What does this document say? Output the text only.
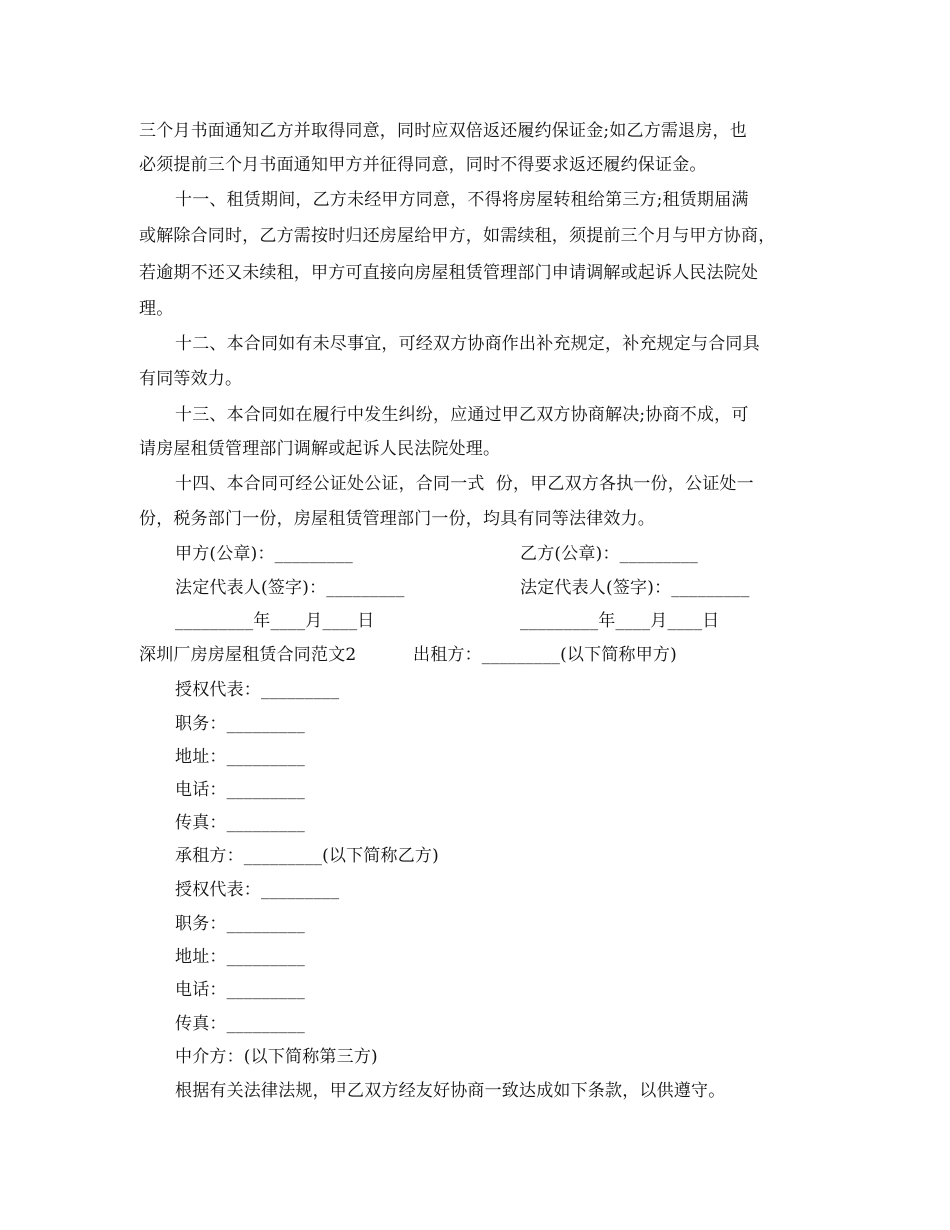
三个月书面通知乙方并取得同意，同时应双倍返还履约保证金;如乙方需退房，也
必须提前三个月书面通知甲方并征得同意，同时不得要求返还履约保证金。
十一、租赁期间，乙方未经甲方同意，不得将房屋转租给第三方;租赁期届满
或解除合同时，乙方需按时归还房屋给甲方，如需续租，须提前三个月与甲方协商，
若逾期不还又未续租，甲方可直接向房屋租赁管理部门申请调解或起诉人民法院处
理。
十二、本合同如有未尽事宜，可经双方协商作出补充规定，补充规定与合同具
有同等效力。
十三、本合同如在履行中发生纠纷，应通过甲乙双方协商解决;协商不成，可
请房屋租赁管理部门调解或起诉人民法院处理。
十四、本合同可经公证处公证，合同一式  份，甲乙双方各执一份，公证处一
份，税务部门一份，房屋租赁管理部门一份，均具有同等法律效力。
甲方(公章)：_________	乙方(公章)：_________
法定代表人(签字)：_________	法定代表人(签字)：_________
_________年____月____日	_________年____月____日
深圳厂房房屋租赁合同范文2	出租方：_________(以下简称甲方)
授权代表：_________
职务：_________
地址：_________
电话：_________
传真：_________
承租方：_________(以下简称乙方)
授权代表：_________
职务：_________
地址：_________
电话：_________
传真：_________
中介方：(以下简称第三方)
根据有关法律法规，甲乙双方经友好协商一致达成如下条款，以供遵守。
